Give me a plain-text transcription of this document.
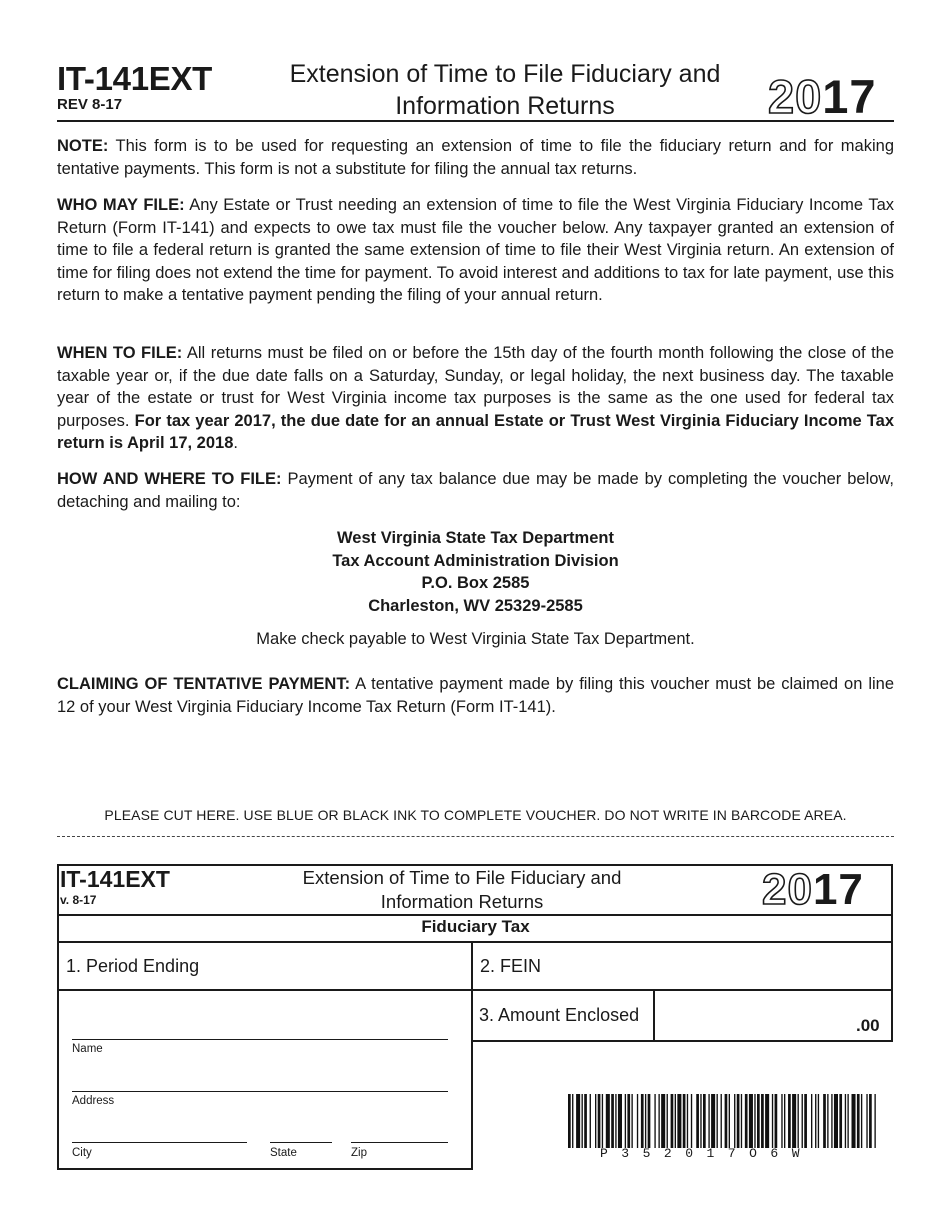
IT-141EXT
REV 8-17
Extension of Time to File Fiduciary and
Information Returns	2017
NOTE: This form is to be used for requesting an extension of time to file the fiduciary return and for making tentative payments. This form is not a substitute for filing the annual tax returns.
WHO MAY FILE: Any Estate or Trust needing an extension of time to file the West Virginia Fiduciary Income Tax Return (Form IT-141) and expects to owe tax must file the voucher below. Any taxpayer granted an extension of time to file a federal return is granted the same extension of time to file their West Virginia return. An extension of time for filing does not extend the time for payment. To avoid interest and additions to tax for late payment, use this return to make a tentative payment pending the filing of your annual return.
WHEN TO FILE: All returns must be filed on or before the 15th day of the fourth month following the close of the taxable year or, if the due date falls on a Saturday, Sunday, or legal holiday, the next business day. The taxable year of the estate or trust for West Virginia income tax purposes is the same as the one used for federal tax purposes. For tax year 2017, the due date for an annual Estate or Trust West Virginia Fiduciary Income Tax return is April 17, 2018.
HOW AND WHERE TO FILE: Payment of any tax balance due may be made by completing the voucher below, detaching and mailing to:
West Virginia State Tax Department
Tax Account Administration Division
P.O. Box 2585
Charleston, WV 25329-2585
Make check payable to West Virginia State Tax Department.
CLAIMING OF TENTATIVE PAYMENT: A tentative payment made by filing this voucher must be claimed on line 12 of your West Virginia Fiduciary Income Tax Return (Form IT-141).
PLEASE CUT HERE. USE BLUE OR BLACK INK TO COMPLETE VOUCHER. DO NOT WRITE IN BARCODE AREA.
IT-141EXT
v. 8-17
Extension of Time to File Fiduciary and
Information Returns	2017
Fiduciary Tax
1. Period Ending	2. FEIN
3. Amount Enclosed
.00
Name
Address
City	State	Zip	P352017O6W
